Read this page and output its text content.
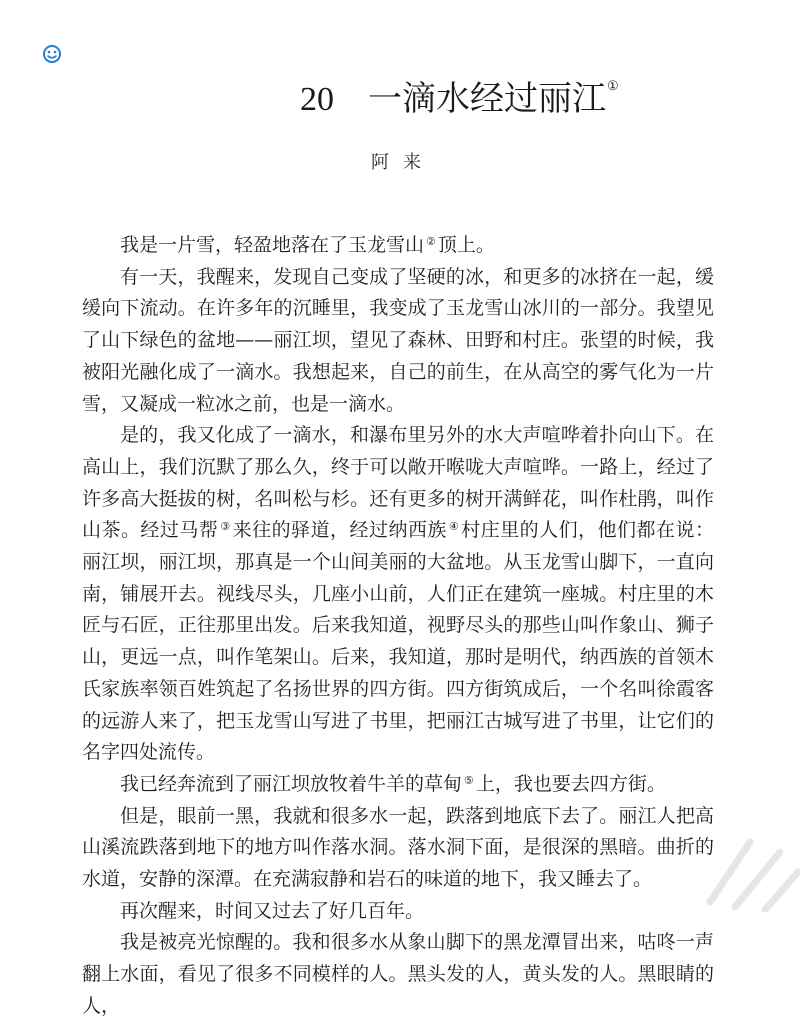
20 一滴水经过丽江①
阿来

我是一片雪，轻盈地落在了玉龙雪山 ② 顶上。

有一天，我醒来，发现自己变成了坚硬的冰，和更多的冰挤在一起，缓缓向下流动。在许多年的沉睡里，我变成了玉龙雪山冰川的一部分。我望见了山下绿色的盆地——丽江坝，望见了森林、田野和村庄。张望的时候，我被阳光融化成了一滴水。我想起来，自己的前生，在从高空的雾气化为一片雪，又凝成一粒冰之前，也是一滴水。

是的，我又化成了一滴水，和瀑布里另外的水大声喧哗着扑向山下。在高山上，我们沉默了那么久，终于可以敞开喉咙大声喧哗。一路上，经过了许多高大挺拔的树，名叫松与杉。还有更多的树开满鲜花，叫作杜鹃，叫作山茶。经过马帮 ③ 来往的驿道，经过纳西族 ④ 村庄里的人们，他们都在说：丽江坝，丽江坝，那真是一个山间美丽的大盆地。从玉龙雪山脚下，一直向南，铺展开去。视线尽头，几座小山前，人们正在建筑一座城。村庄里的木匠与石匠，正往那里出发。后来我知道，视野尽头的那些山叫作象山、狮子山，更远一点，叫作笔架山。后来，我知道，那时是明代，纳西族的首领木氏家族率领百姓筑起了名扬世界的四方街。四方街筑成后，一个名叫徐霞客的远游人来了，把玉龙雪山写进了书里，把丽江古城写进了书里，让它们的名字四处流传。

我已经奔流到了丽江坝放牧着牛羊的草甸 ⑤ 上，我也要去四方街。

但是，眼前一黑，我就和很多水一起，跌落到地底下去了。丽江人把高山溪流跌落到地下的地方叫作落水洞。落水洞下面，是很深的黑暗。曲折的水道，安静的深潭。在充满寂静和岩石的味道的地下，我又睡去了。

再次醒来，时间又过去了好几百年。

我是被亮光惊醒的。我和很多水从象山脚下的黑龙潭冒出来，咕咚一声翻上水面，看见了很多不同模样的人。黑头发的人，黄头发的人。黑眼睛的人，
